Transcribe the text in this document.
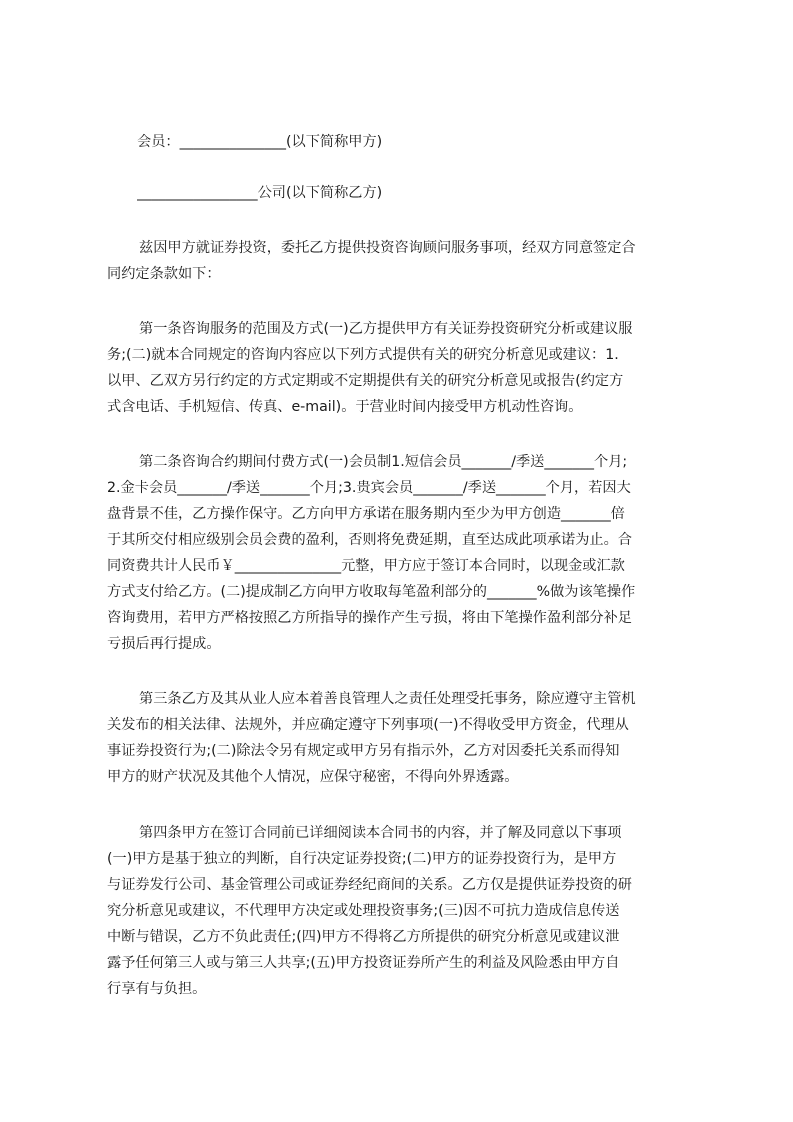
会员：_______________(以下简称甲方)
_________________公司(以下简称乙方)
兹因甲方就证券投资，委托乙方提供投资咨询顾问服务事项，经双方同意签定合
同约定条款如下：
第一条咨询服务的范围及方式(一)乙方提供甲方有关证券投资研究分析或建议服
务;(二)就本合同规定的咨询内容应以下列方式提供有关的研究分析意见或建议：1.
以甲、乙双方另行约定的方式定期或不定期提供有关的研究分析意见或报告(约定方
式含电话、手机短信、传真、e-mail)。于营业时间内接受甲方机动性咨询。
第二条咨询合约期间付费方式(一)会员制1.短信会员_______/季送_______个月;
2.金卡会员_______/季送_______个月;3.贵宾会员_______/季送_______个月，若因大
盘背景不佳，乙方操作保守。乙方向甲方承诺在服务期内至少为甲方创造_______倍
于其所交付相应级别会员会费的盈利，否则将免费延期，直至达成此项承诺为止。合
同资费共计人民币￥_______________元整，甲方应于签订本合同时，以现金或汇款
方式支付给乙方。(二)提成制乙方向甲方收取每笔盈利部分的_______%做为该笔操作
咨询费用，若甲方严格按照乙方所指导的操作产生亏损，将由下笔操作盈利部分补足
亏损后再行提成。
第三条乙方及其从业人应本着善良管理人之责任处理受托事务，除应遵守主管机
关发布的相关法律、法规外，并应确定遵守下列事项(一)不得收受甲方资金，代理从
事证券投资行为;(二)除法令另有规定或甲方另有指示外，乙方对因委托关系而得知
甲方的财产状况及其他个人情况，应保守秘密，不得向外界透露。
第四条甲方在签订合同前已详细阅读本合同书的内容，并了解及同意以下事项
(一)甲方是基于独立的判断，自行决定证券投资;(二)甲方的证券投资行为，是甲方
与证券发行公司、基金管理公司或证券经纪商间的关系。乙方仅是提供证券投资的研
究分析意见或建议，不代理甲方决定或处理投资事务;(三)因不可抗力造成信息传送
中断与错误，乙方不负此责任;(四)甲方不得将乙方所提供的研究分析意见或建议泄
露予任何第三人或与第三人共享;(五)甲方投资证券所产生的利益及风险悉由甲方自
行享有与负担。
